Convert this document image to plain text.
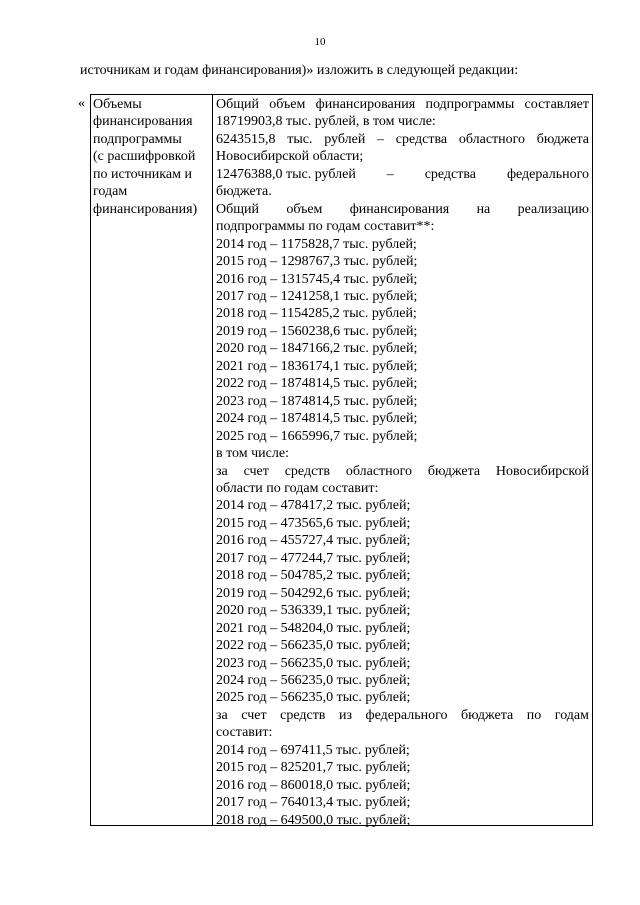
10
источникам и годам финансирования)» изложить в следующей редакции:
« Объемы
финансирования
подпрограммы
(с расшифровкой
по источникам и
годам
финансирования)
Общий объем финансирования подпрограммы составляет
18719903,8 тыс. рублей, в том числе:
6243515,8 тыс. рублей – средства областного бюджета
Новосибирской области;
12476388,0 тыс. рублей – средства федерального
бюджета.
Общий объем финансирования на реализацию
подпрограммы по годам составит**:
2014 год – 1175828,7 тыс. рублей;
2015 год – 1298767,3 тыс. рублей;
2016 год – 1315745,4 тыс. рублей;
2017 год – 1241258,1 тыс. рублей;
2018 год – 1154285,2 тыс. рублей;
2019 год – 1560238,6 тыс. рублей;
2020 год – 1847166,2 тыс. рублей;
2021 год – 1836174,1 тыс. рублей;
2022 год – 1874814,5 тыс. рублей;
2023 год – 1874814,5 тыс. рублей;
2024 год – 1874814,5 тыс. рублей;
2025 год – 1665996,7 тыс. рублей;
в том числе:
за счет средств областного бюджета Новосибирской
области по годам составит:
2014 год – 478417,2 тыс. рублей;
2015 год – 473565,6 тыс. рублей;
2016 год – 455727,4 тыс. рублей;
2017 год – 477244,7 тыс. рублей;
2018 год – 504785,2 тыс. рублей;
2019 год – 504292,6 тыс. рублей;
2020 год – 536339,1 тыс. рублей;
2021 год – 548204,0 тыс. рублей;
2022 год – 566235,0 тыс. рублей;
2023 год – 566235,0 тыс. рублей;
2024 год – 566235,0 тыс. рублей;
2025 год – 566235,0 тыс. рублей;
за счет средств из федерального бюджета по годам
составит:
2014 год – 697411,5 тыс. рублей;
2015 год – 825201,7 тыс. рублей;
2016 год – 860018,0 тыс. рублей;
2017 год – 764013,4 тыс. рублей;
2018 год – 649500,0 тыс. рублей;
